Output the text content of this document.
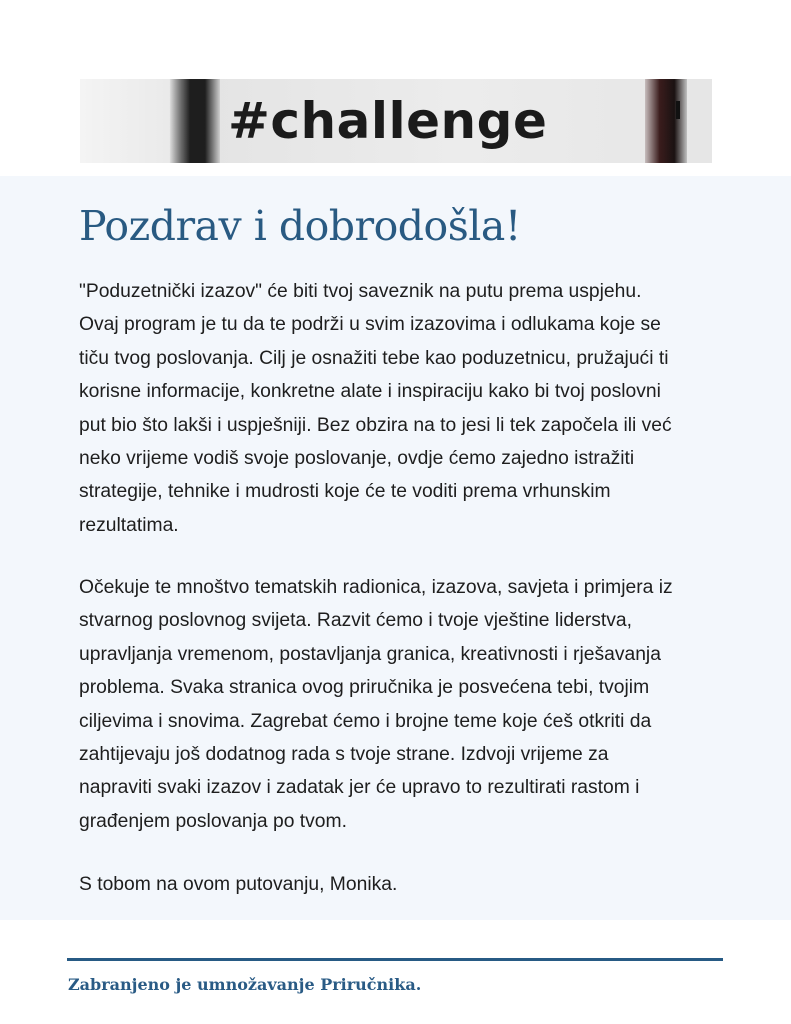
#challenge
Pozdrav i dobrodošla!

"Poduzetnički izazov" će biti tvoj saveznik na putu prema uspjehu.
Ovaj program je tu da te podrži u svim izazovima i odlukama koje se
tiču tvog poslovanja. Cilj je osnažiti tebe kao poduzetnicu, pružajući ti
korisne informacije, konkretne alate i inspiraciju kako bi tvoj poslovni
put bio što lakši i uspješniji. Bez obzira na to jesi li tek započela ili već
neko vrijeme vodiš svoje poslovanje, ovdje ćemo zajedno istražiti
strategije, tehnike i mudrosti koje će te voditi prema vrhunskim
rezultatima.

Očekuje te mnoštvo tematskih radionica, izazova, savjeta i primjera iz
stvarnog poslovnog svijeta. Razvit ćemo i tvoje vještine liderstva,
upravljanja vremenom, postavljanja granica, kreativnosti i rješavanja
problema. Svaka stranica ovog priručnika je posvećena tebi, tvojim
ciljevima i snovima. Zagrebat ćemo i brojne teme koje ćeš otkriti da
zahtijevaju još dodatnog rada s tvoje strane. Izdvoji vrijeme za
napraviti svaki izazov i zadatak jer će upravo to rezultirati rastom i
građenjem poslovanja po tvom.

S tobom na ovom putovanju, Monika.

Zabranjeno je umnožavanje Priručnika.
